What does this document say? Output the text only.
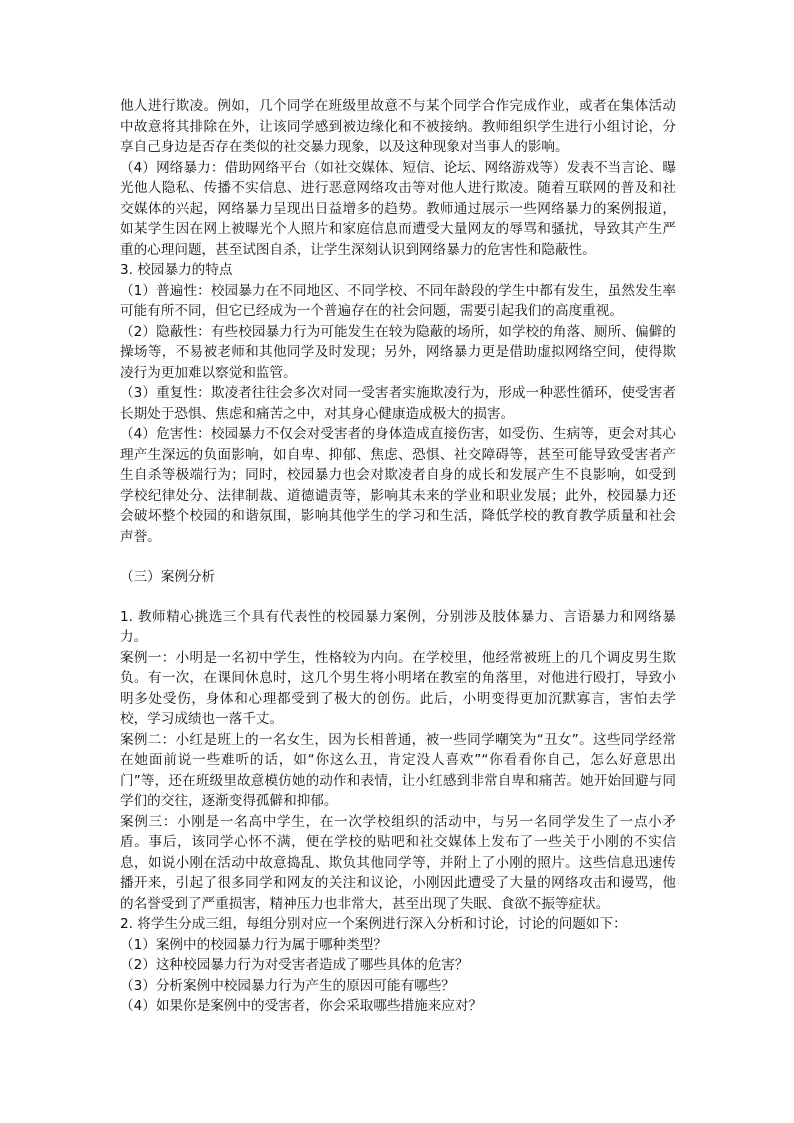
他人进行欺凌。例如，几个同学在班级里故意不与某个同学合作完成作业，或者在集体活动中故意将其排除在外，让该同学感到被边缘化和不被接纳。教师组织学生进行小组讨论，分享自己身边是否存在类似的社交暴力现象，以及这种现象对当事人的影响。

（4）网络暴力：借助网络平台（如社交媒体、短信、论坛、网络游戏等）发表不当言论、曝光他人隐私、传播不实信息、进行恶意网络攻击等对他人进行欺凌。随着互联网的普及和社交媒体的兴起，网络暴力呈现出日益增多的趋势。教师通过展示一些网络暴力的案例报道，如某学生因在网上被曝光个人照片和家庭信息而遭受大量网友的辱骂和骚扰，导致其产生严重的心理问题，甚至试图自杀，让学生深刻认识到网络暴力的危害性和隐蔽性。

3. 校园暴力的特点

（1）普遍性：校园暴力在不同地区、不同学校、不同年龄段的学生中都有发生，虽然发生率可能有所不同，但它已经成为一个普遍存在的社会问题，需要引起我们的高度重视。

（2）隐蔽性：有些校园暴力行为可能发生在较为隐蔽的场所，如学校的角落、厕所、偏僻的操场等，不易被老师和其他同学及时发现；另外，网络暴力更是借助虚拟网络空间，使得欺凌行为更加难以察觉和监管。

（3）重复性：欺凌者往往会多次对同一受害者实施欺凌行为，形成一种恶性循环，使受害者长期处于恐惧、焦虑和痛苦之中，对其身心健康造成极大的损害。

（4）危害性：校园暴力不仅会对受害者的身体造成直接伤害，如受伤、生病等，更会对其心理产生深远的负面影响，如自卑、抑郁、焦虑、恐惧、社交障碍等，甚至可能导致受害者产生自杀等极端行为；同时，校园暴力也会对欺凌者自身的成长和发展产生不良影响，如受到学校纪律处分、法律制裁、道德谴责等，影响其未来的学业和职业发展；此外，校园暴力还会破坏整个校园的和谐氛围，影响其他学生的学习和生活，降低学校的教育教学质量和社会声誉。

（三）案例分析

1. 教师精心挑选三个具有代表性的校园暴力案例，分别涉及肢体暴力、言语暴力和网络暴力。

案例一：小明是一名初中学生，性格较为内向。在学校里，他经常被班上的几个调皮男生欺负。有一次，在课间休息时，这几个男生将小明堵在教室的角落里，对他进行殴打，导致小明多处受伤，身体和心理都受到了极大的创伤。此后，小明变得更加沉默寡言，害怕去学校，学习成绩也一落千丈。

案例二：小红是班上的一名女生，因为长相普通，被一些同学嘲笑为“丑女”。这些同学经常在她面前说一些难听的话，如“你这么丑，肯定没人喜欢”“你看看你自己，怎么好意思出门”等，还在班级里故意模仿她的动作和表情，让小红感到非常自卑和痛苦。她开始回避与同学们的交往，逐渐变得孤僻和抑郁。

案例三：小刚是一名高中学生，在一次学校组织的活动中，与另一名同学发生了一点小矛盾。事后，该同学心怀不满，便在学校的贴吧和社交媒体上发布了一些关于小刚的不实信息，如说小刚在活动中故意捣乱、欺负其他同学等，并附上了小刚的照片。这些信息迅速传播开来，引起了很多同学和网友的关注和议论，小刚因此遭受了大量的网络攻击和谩骂，他的名誉受到了严重损害，精神压力也非常大，甚至出现了失眠、食欲不振等症状。

2. 将学生分成三组，每组分别对应一个案例进行深入分析和讨论，讨论的问题如下：

（1）案例中的校园暴力行为属于哪种类型？

（2）这种校园暴力行为对受害者造成了哪些具体的危害？

（3）分析案例中校园暴力行为产生的原因可能有哪些？

（4）如果你是案例中的受害者，你会采取哪些措施来应对？
